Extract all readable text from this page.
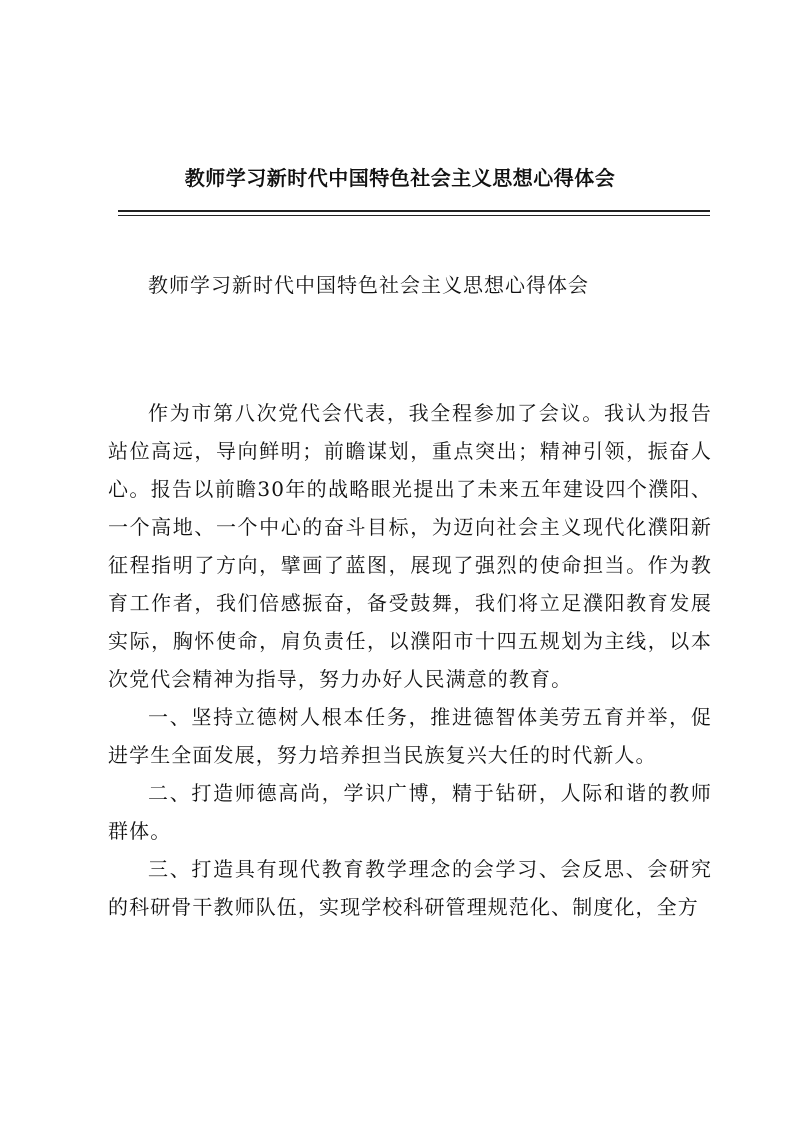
教师学习新时代中国特色社会主义思想心得体会
教师学习新时代中国特色社会主义思想心得体会

作为市第八次党代会代表，我全程参加了会议。我认为报告站位高远，导向鲜明；前瞻谋划，重点突出；精神引领，振奋人心。报告以前瞻30年的战略眼光提出了未来五年建设四个濮阳、一个高地、一个中心的奋斗目标，为迈向社会主义现代化濮阳新征程指明了方向，擘画了蓝图，展现了强烈的使命担当。作为教育工作者，我们倍感振奋，备受鼓舞，我们将立足濮阳教育发展实际，胸怀使命，肩负责任，以濮阳市十四五规划为主线，以本次党代会精神为指导，努力办好人民满意的教育。

一、坚持立德树人根本任务，推进德智体美劳五育并举，促进学生全面发展，努力培养担当民族复兴大任的时代新人。

二、打造师德高尚，学识广博，精于钻研，人际和谐的教师群体。

三、打造具有现代教育教学理念的会学习、会反思、会研究的科研骨干教师队伍，实现学校科研管理规范化、制度化，全方
